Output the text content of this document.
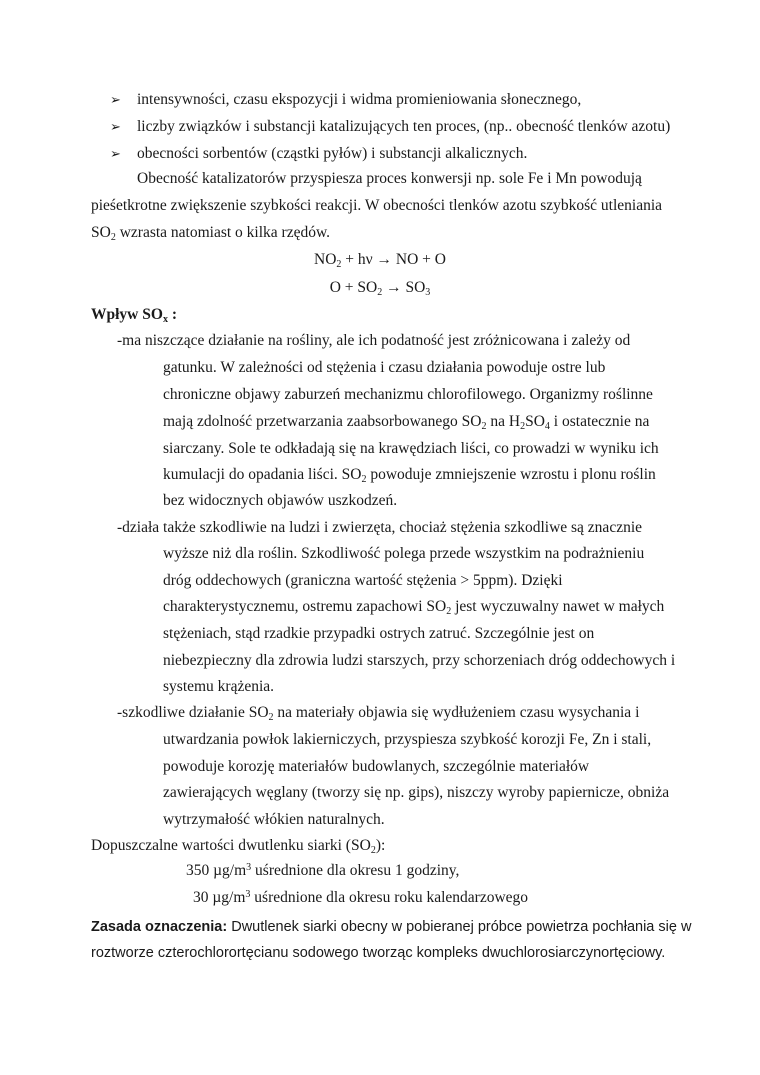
➢ intensywności, czasu ekspozycji i widma promieniowania słonecznego,
➢ liczby związków i substancji katalizujących ten proces, (np.. obecność tlenków azotu)
➢ obecności sorbentów (cząstki pyłów) i substancji alkalicznych.
Obecność katalizatorów przyspiesza proces konwersji np. sole Fe i Mn powodują
pieśetkrotne zwiększenie szybkości reakcji. W obecności tlenków azotu szybkość utleniania
$SO_2$ wzrasta natomiast o kilka rzędów.
$NO_2 + h\nu$ → NO + O
$O + SO_2 \to SO_3$
Wpływ $SO_x$ :
-ma niszczące działanie na rośliny, ale ich podatność jest zróżnicowana i zależy od
gatunku. W zależności od stężenia i czasu działania powoduje ostre lub
chroniczne objawy zaburzeń mechanizmu chlorofilowego. Organizmy roślinne
mają zdolność przetwarzania zaabsorbowanego $SO_2$ na $H_2SO_4$ i ostatecznie na
siarczany. Sole te odkładają się na krawędziach liści, co prowadzi w wyniku ich
kumulacji do opadania liści. $SO_2$ powoduje zmniejszenie wzrostu i plonu roślin
bez widocznych objawów uszkodzeń.
-działa także szkodliwie na ludzi i zwierzęta, chociaż stężenia szkodliwe są znacznie
wyższe niż dla roślin. Szkodliwość polega przede wszystkim na podrażnieniu
dróg oddechowych (graniczna wartość stężenia > 5ppm). Dzięki
charakterystycznemu, ostremu zapachowi $SO_2$ jest wyczuwalny nawet w małych
stężeniach, stąd rzadkie przypadki ostrych zatruć. Szczególnie jest on
niebezpieczny dla zdrowia ludzi starszych, przy schorzeniach dróg oddechowych i
systemu krążenia.
-szkodliwe działanie $SO_2$ na materiały objawia się wydłużeniem czasu wysychania i
utwardzania powłok lakierniczych, przyspiesza szybkość korozji Fe, Zn i stali,
powoduje korozję materiałów budowlanych, szczególnie materiałów
zawierających węglany (tworzy się np. gips), niszczy wyroby papiernicze, obniża
wytrzymałość włókien naturalnych.
Dopuszczalne wartości dwutlenku siarki $(SO_2)$:
350 $\mu g/m^3$ uśrednione dla okresu 1 godziny,
30 $\mu g/m^3$ uśrednione dla okresu roku kalendarzowego
Zasada oznaczenia: Dwutlenek siarki obecny w pobieranej próbce powietrza pochłania się w
roztworze czterochlorortęcianu sodowego tworząc kompleks dwuchlorosiarczynortęciowy.
